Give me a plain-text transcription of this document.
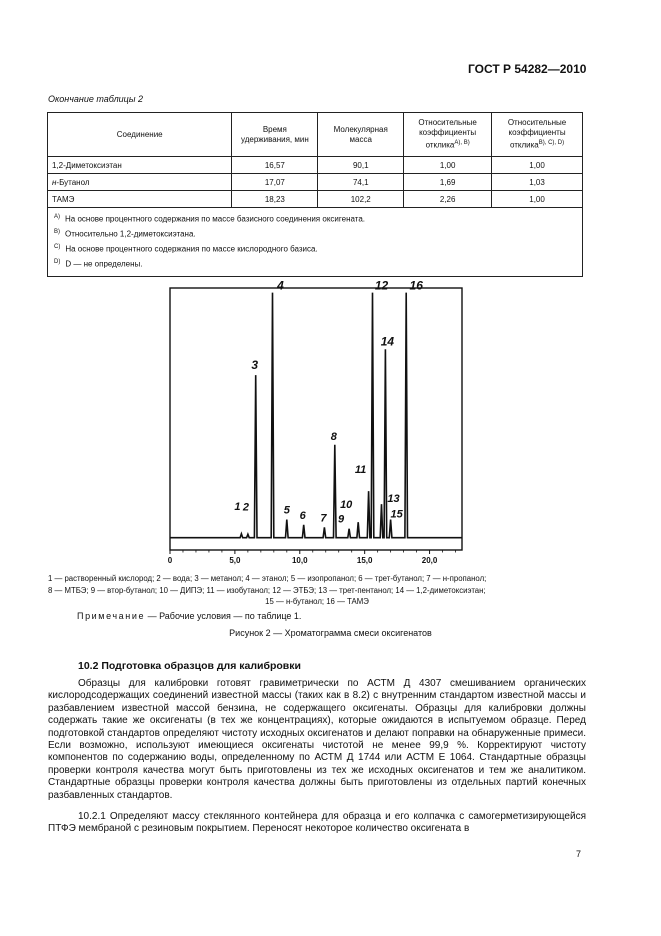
ГОСТ Р 54282—2010
Окончание таблицы 2
Соединение	Время удерживания, мин	Молекулярная масса	Относительные коэффициенты отклика$^{A), B)}$	Относительные коэффициенты отклика$^{B), C), D)}$
1,2-Диметоксиэтан	16,57	90,1	1,00	1,00
н-Бутанол	17,07	74,1	1,69	1,03
ТАМЭ	18,23	102,2	2,26	1,00

$^{A)}$ На основе процентного содержания по массе базисного соединения оксигената.
$^{B)}$ Относительно 1,2-диметоксиэтана.
$^{C)}$ На основе процентного содержания по массе кислородного базиса.
$^{D)}$ D — не определены.				
0	5,0	10,0	15,0	20,0
1 2
3
4
5 6 7
8
9
10
11
12
13
14
15
16
1 — растворенный кислород; 2 — вода; 3 — метанол; 4 — этанол; 5 — изопропанол; 6 — трет-бутанол; 7 — н-пропанол;
8 — МТБЭ; 9 — втор-бутанол; 10 — ДИПЭ; 11 — изобутанол; 12 — ЭТБЭ; 13 — трет-пентанол; 14 — 1,2-диметоксиэтан;

15 — н-бутанол; 16 — ТАМЭ
Примечание — Рабочие условия — по таблице 1.
Рисунок 2 — Хроматограмма смеси оксигенатов
10.2 Подготовка образцов для калибровки
Образцы для калибровки готовят гравиметрически по АСТМ Д 4307 смешиванием органических кислородсодержащих соединений известной массы (таких как в 8.2) с внутренним стандартом известной массы и разбавлением известной массой бензина, не содержащего оксигенаты. Образцы для калибровки должны содержать такие же оксигенаты (в тех же концентрациях), которые ожидаются в испытуемом образце. Перед подготовкой стандартов определяют чистоту исходных оксигенатов и делают поправки на обнаруженные примеси. Если возможно, используют имеющиеся оксигенаты чистотой не менее 99,9 %. Корректируют чистоту компонентов по содержанию воды, определенному по АСТМ Д 1744 или АСТМ Е 1064. Стандартные образцы проверки контроля качества могут быть приготовлены из тех же исходных оксигенатов и тем же аналитиком. Стандартные образцы проверки контроля качества должны быть приготовлены из отдельных партий конечных разбавленных стандартов.
10.2.1 Определяют массу стеклянного контейнера для образца и его колпачка с самогерметизирующейся ПТФЭ мембраной с резиновым покрытием. Переносят некоторое количество оксигената в
7
